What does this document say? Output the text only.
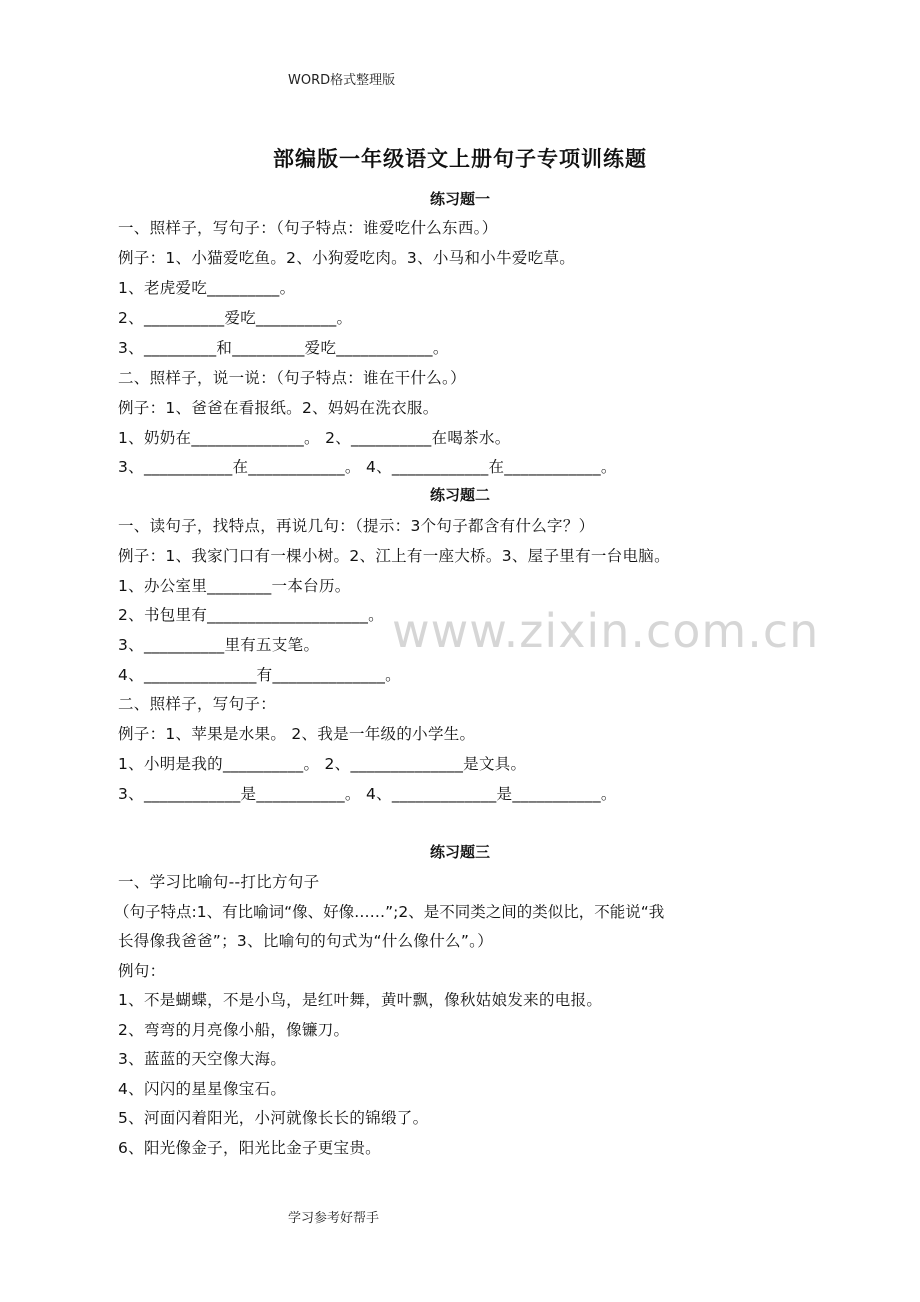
WORD格式整理版
学习参考好帮手
www.zixin.com.cn
部编版一年级语文上册句子专项训练题
练习题一
一、照样子，写句子：（句子特点：谁爱吃什么东西。）
例子：1、小猫爱吃鱼。2、小狗爱吃肉。3、小马和小牛爱吃草。
1、老虎爱吃_________。
2、__________爱吃__________。
3、_________和_________爱吃____________。
二、照样子，说一说：（句子特点：谁在干什么。）
例子：1、爸爸在看报纸。2、妈妈在洗衣服。
1、奶奶在______________。 2、__________在喝茶水。
3、___________在____________。 4、____________在____________。
练习题二
一、读句子，找特点，再说几句：（提示：3个句子都含有什么字？）
例子：1、我家门口有一棵小树。2、江上有一座大桥。3、屋子里有一台电脑。
1、办公室里________一本台历。
2、书包里有____________________。
3、__________里有五支笔。
4、______________有______________。
二、照样子，写句子：
例子：1、苹果是水果。 2、我是一年级的小学生。
1、小明是我的__________。 2、______________是文具。
3、____________是___________。 4、_____________是___________。
练习题三
一、学习比喻句--打比方句子
（句子特点:1、有比喻词“像、好像……”;2、是不同类之间的类似比，不能说“我
长得像我爸爸”；3、比喻句的句式为“什么像什么”。）
例句：
1、不是蝴蝶，不是小鸟，是红叶舞，黄叶飘，像秋姑娘发来的电报。
2、弯弯的月亮像小船，像镰刀。
3、蓝蓝的天空像大海。
4、闪闪的星星像宝石。
5、河面闪着阳光，小河就像长长的锦缎了。
6、阳光像金子，阳光比金子更宝贵。
